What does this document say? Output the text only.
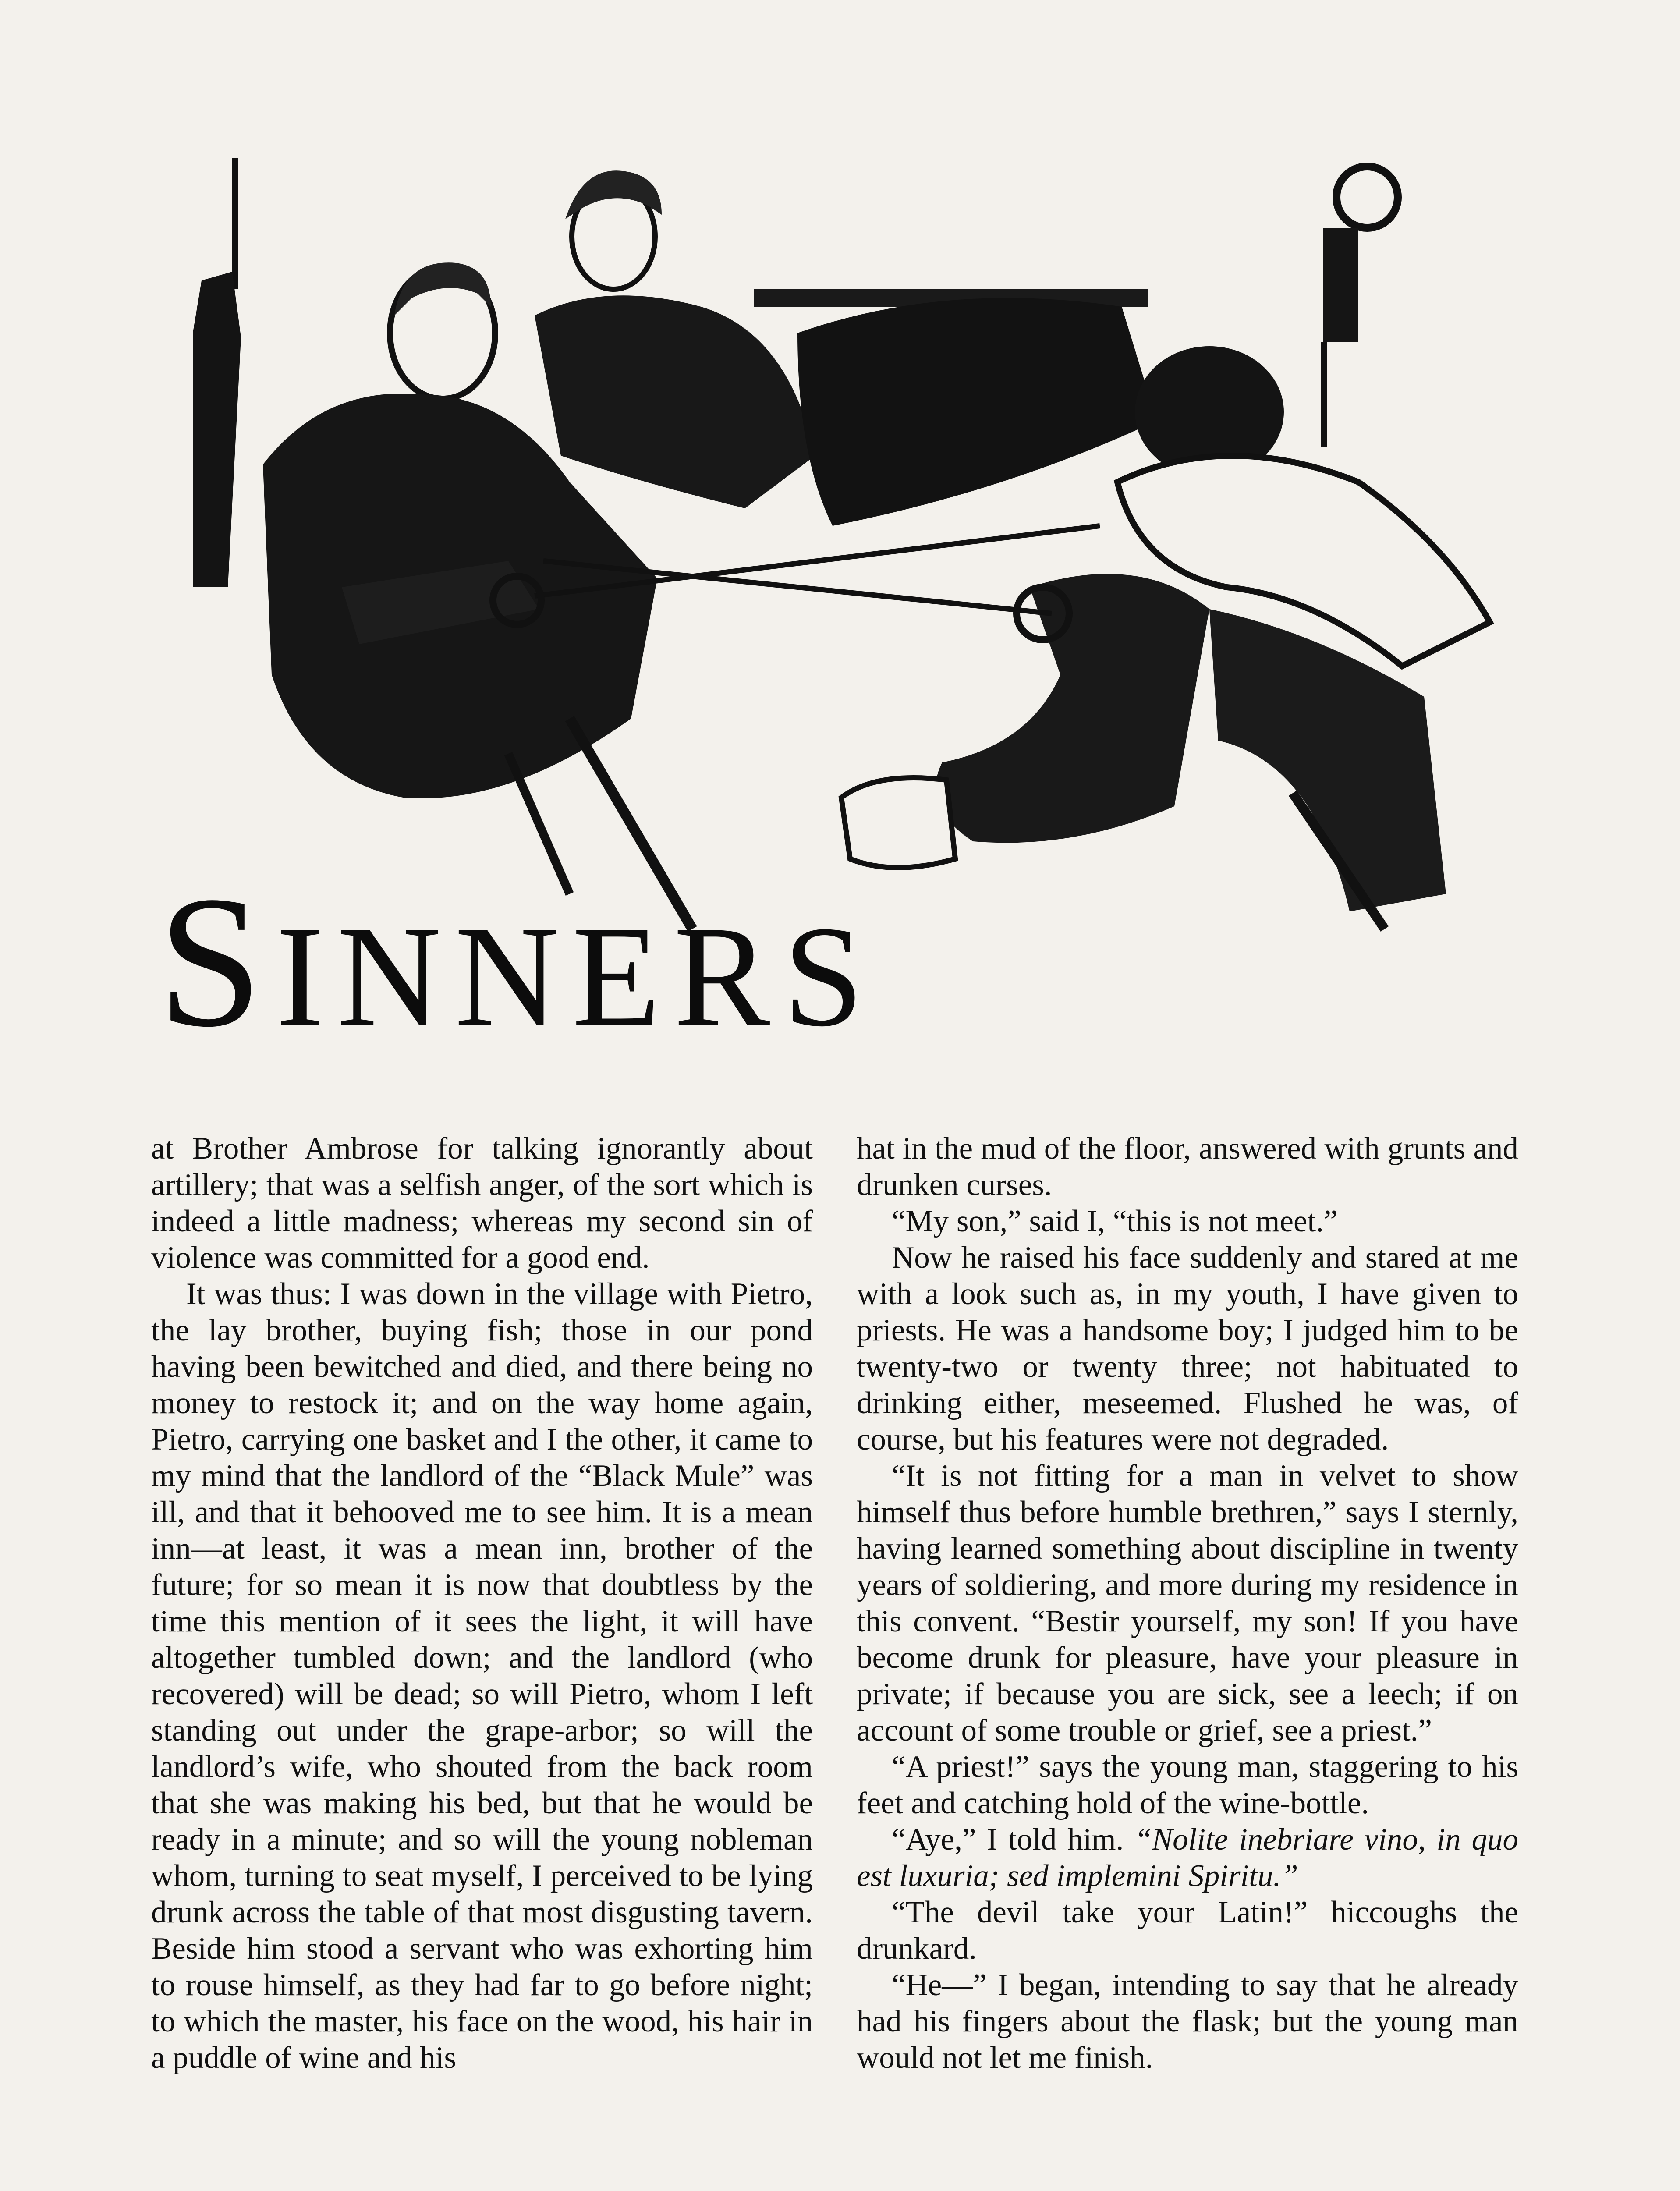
SINNERS

at Brother Ambrose for talking ignorantly about artillery; that was a selfish anger, of the sort which is indeed a little madness; whereas my second sin of violence was committed for a good end.

It was thus: I was down in the village with Pietro, the lay brother, buying fish; those in our pond having been bewitched and died, and there being no money to restock it; and on the way home again, Pietro, carrying one basket and I the other, it came to my mind that the landlord of the “Black Mule” was ill, and that it behooved me to see him. It is a mean inn—at least, it was a mean inn, brother of the future; for so mean it is now that doubtless by the time this mention of it sees the light, it will have altogether tumbled down; and the landlord (who recovered) will be dead; so will Pietro, whom I left standing out under the grape-arbor; so will the landlord’s wife, who shouted from the back room that she was making his bed, but that he would be ready in a minute; and so will the young nobleman whom, turning to seat myself, I perceived to be lying drunk across the table of that most disgusting tavern. Beside him stood a servant who was exhorting him to rouse himself, as they had far to go before night; to which the master, his face on the wood, his hair in a puddle of wine and his

hat in the mud of the floor, answered with grunts and drunken curses.

“My son,” said I, “this is not meet.”

Now he raised his face suddenly and stared at me with a look such as, in my youth, I have given to priests. He was a handsome boy; I judged him to be twenty-two or twenty three; not habituated to drinking either, meseemed. Flushed he was, of course, but his features were not degraded.

“It is not fitting for a man in velvet to show himself thus before humble brethren,” says I sternly, having learned something about discipline in twenty years of soldiering, and more during my residence in this convent. “Bestir yourself, my son! If you have become drunk for pleasure, have your pleasure in private; if because you are sick, see a leech; if on account of some trouble or grief, see a priest.”

“A priest!” says the young man, staggering to his feet and catching hold of the wine-bottle.

“Aye,” I told him. “Nolite inebriare vino, in quo est luxuria; sed implemini Spiritu.”

“The devil take your Latin!” hiccoughs the drunkard.

“He—” I began, intending to say that he already had his fingers about the flask; but the young man would not let me finish.
